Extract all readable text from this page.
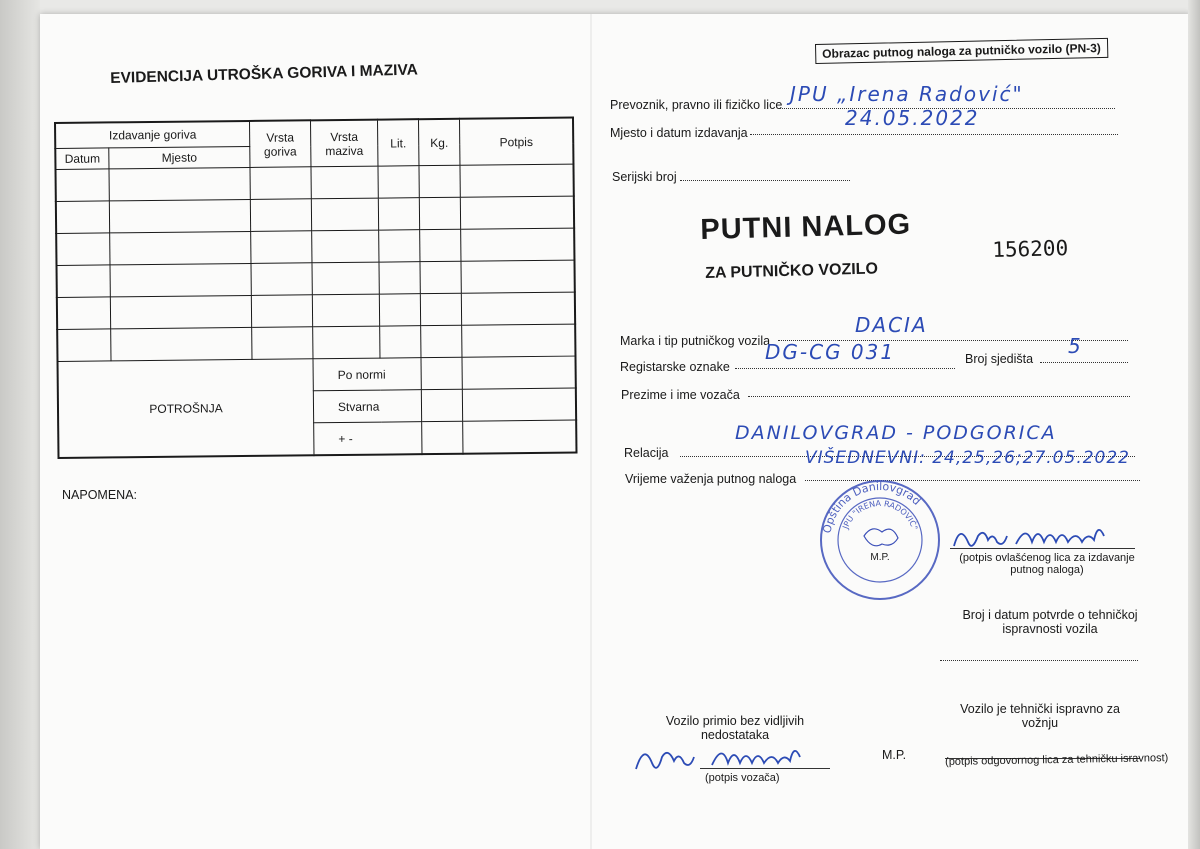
EVIDENCIJA UTROŠKA GORIVA I MAZIVA
Izdavanje goriva		Vrsta goriva	Vrsta maziva	Lit.	Kg.	Potpis
Datum	Mjesto					

POTROŠNJA			Po normi			
			Stvarna			
			+ -			
NAPOMENA:
Obrazac putnog naloga za putničko vozilo (PN-3)
Prevoznik, pravno ili fizičko lice JPU „Irena Radović"
Mjesto i datum izdavanja
24.05.2022
Serijski broj
PUTNI NALOG
156200
ZA PUTNIČKO VOZILO
Marka i tip putničkog vozila
DACIA
Registarske oznake
DG-CG 031	Broj sjedišta
5
Prezime i ime vozača
Relacija
DANILOVGRAD - PODGORICA
Vrijeme važenja putnog naloga
VIŠEDNEVNI: 24,25,26;27.05.2022
Opština Danilovgrad
JPU "IRENA RADOVIĆ"
M.P.	(potpis ovlašćenog lica za izdavanje putnog naloga)
Broj i datum potvrde o tehničkoj ispravnosti vozila
Vozilo primio bez vidljivih nedostataka
(potpis vozača)
M.P.
Vozilo je tehnički ispravno za vožnju
(potpis odgovornog lica za tehničku isravnost)
